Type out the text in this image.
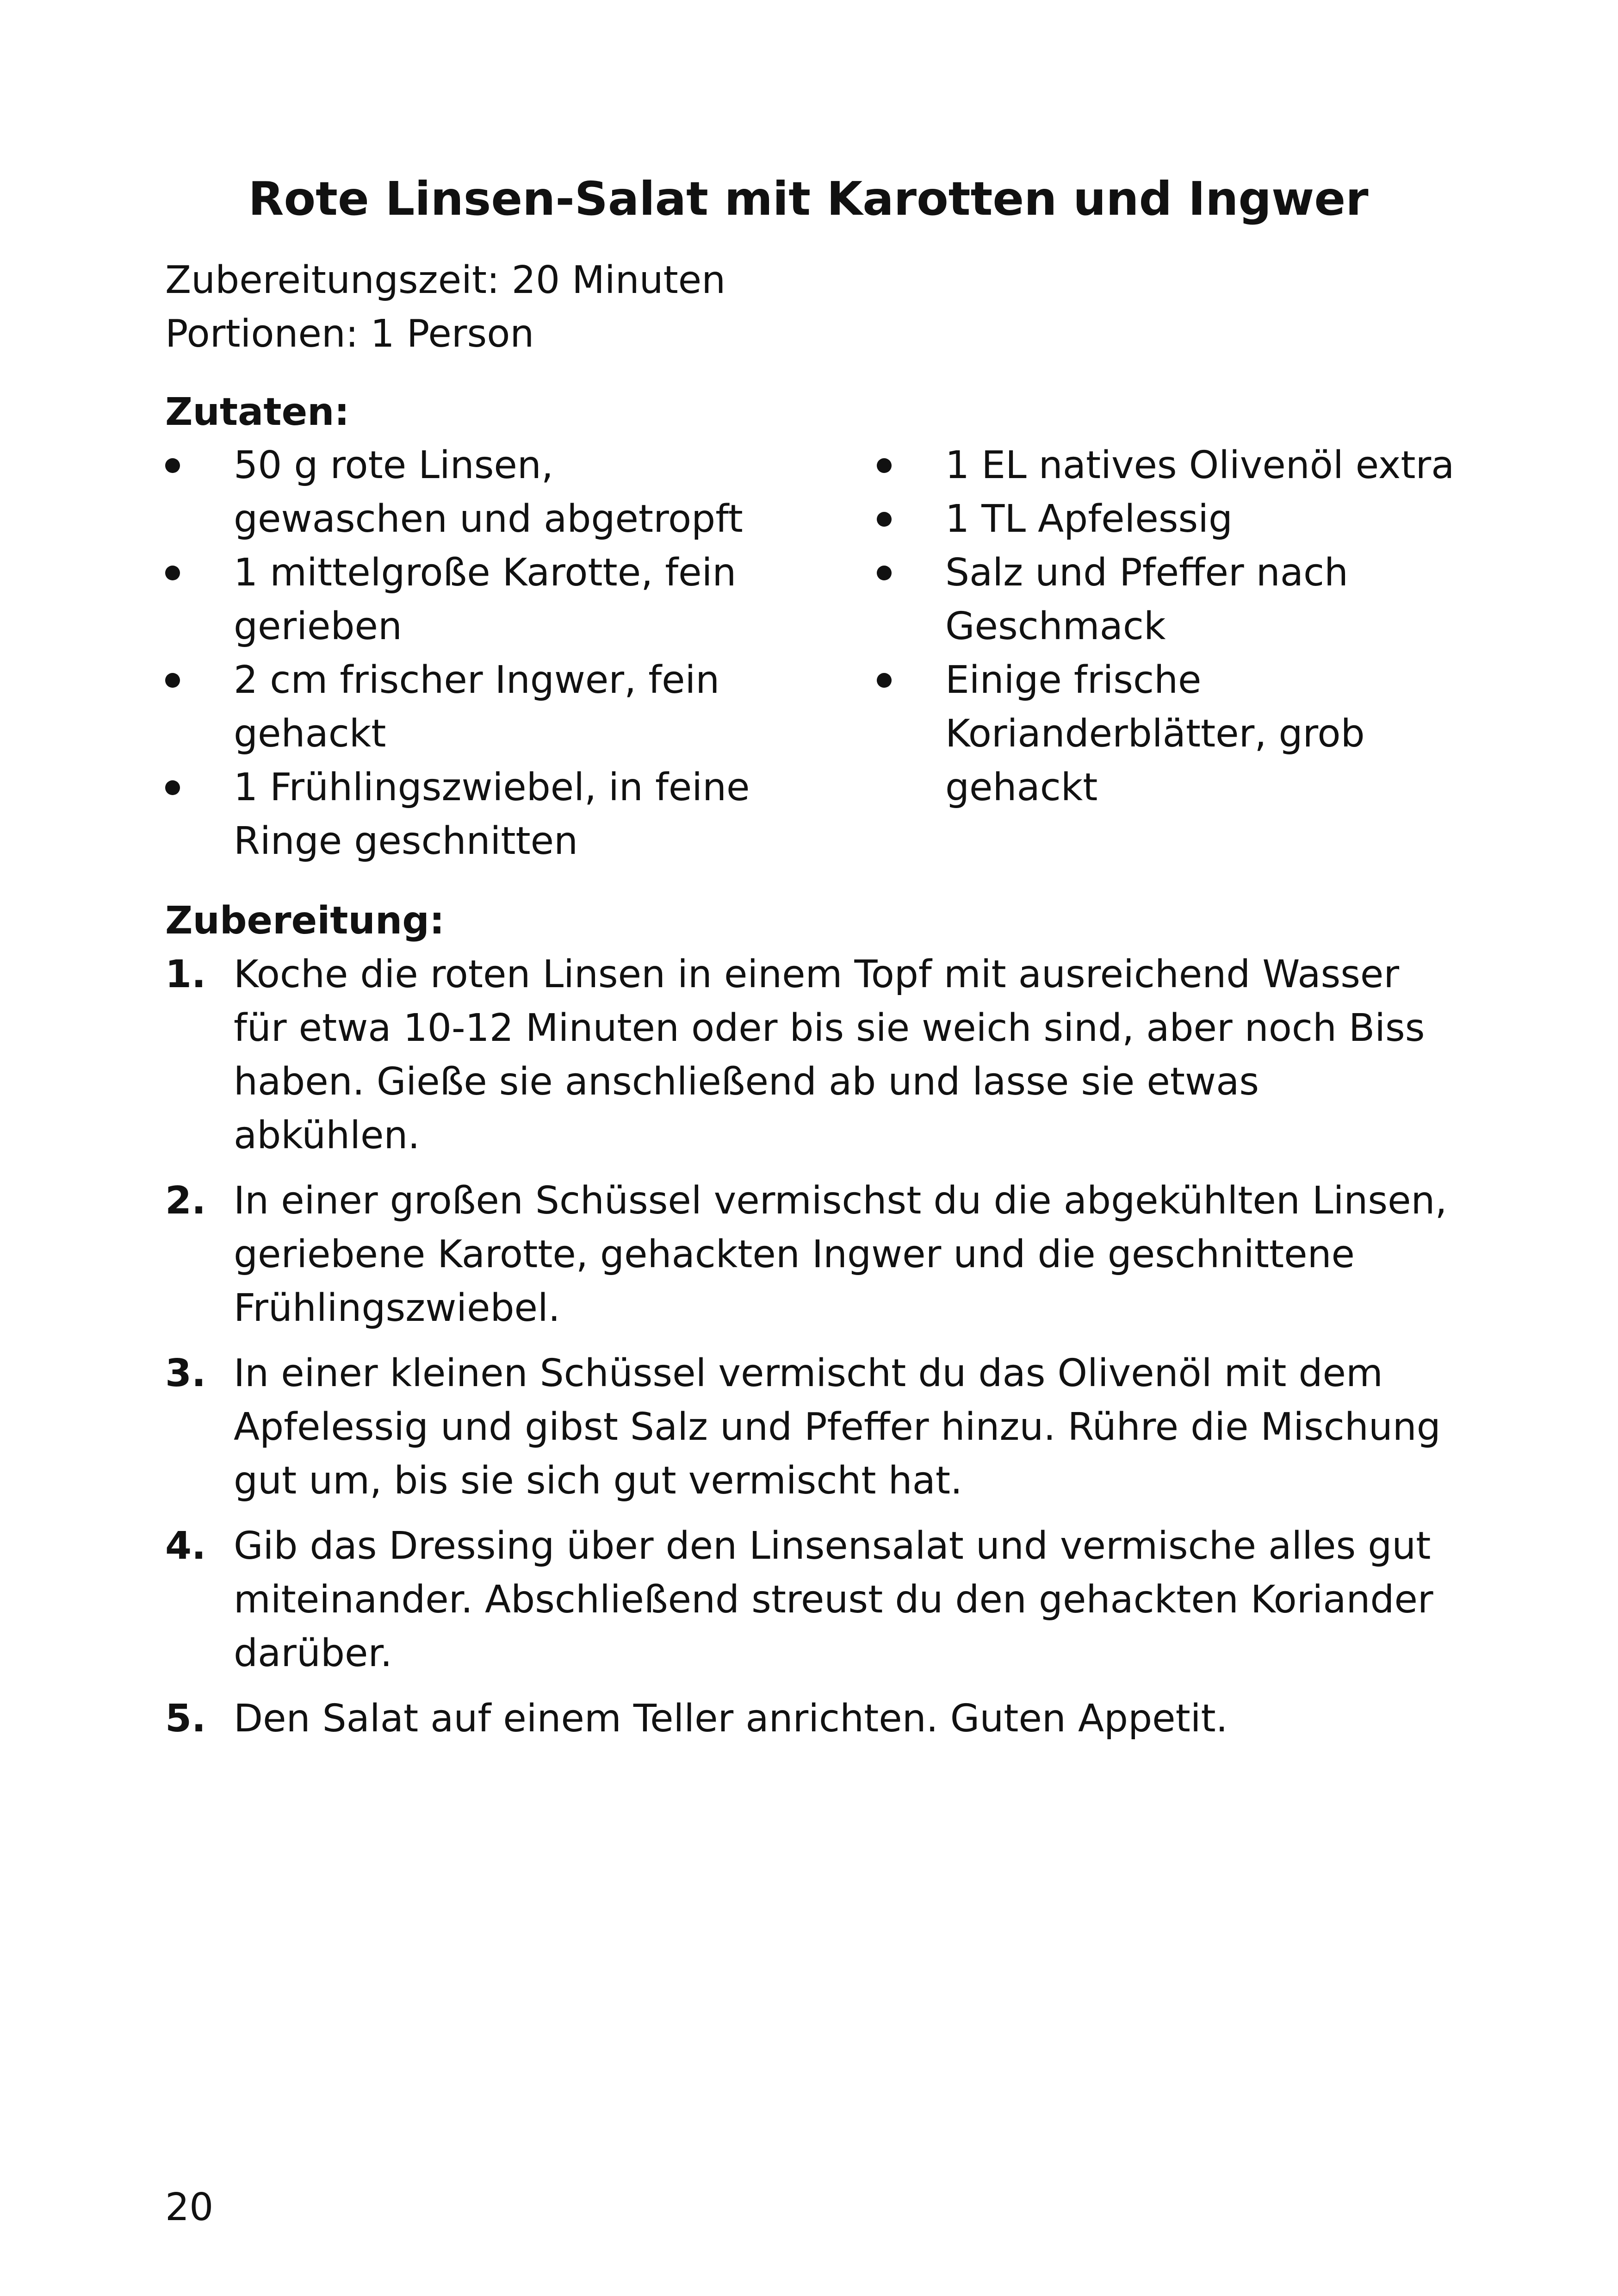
Rote Linsen-Salat mit Karotten und Ingwer
Zubereitungszeit: 20 Minuten
Portionen: 1 Person
Zutaten:
50 g rote Linsen, gewaschen und abgetropft
1 mittelgroße Karotte, fein gerieben
2 cm frischer Ingwer, fein gehackt
1 Frühlingszwiebel, in feine Ringe geschnitten
1 EL natives Olivenöl extra
1 TL Apfelessig
Salz und Pfeffer nach Geschmack
Einige frische Korianderblätter, grob gehackt
Zubereitung:
1. Koche die roten Linsen in einem Topf mit ausreichend Wasser für etwa 10-12 Minuten oder bis sie weich sind, aber noch Biss haben. Gieße sie anschließend ab und lasse sie etwas abkühlen.
2. In einer großen Schüssel vermischst du die abgekühlten Linsen, geriebene Karotte, gehackten Ingwer und die geschnittene Frühlingszwiebel.
3. In einer kleinen Schüssel vermischt du das Olivenöl mit dem Apfelessig und gibst Salz und Pfeffer hinzu. Rühre die Mischung gut um, bis sie sich gut vermischt hat.
4. Gib das Dressing über den Linsensalat und vermische alles gut miteinander. Abschließend streust du den gehackten Koriander darüber.
5. Den Salat auf einem Teller anrichten. Guten Appetit.
20
